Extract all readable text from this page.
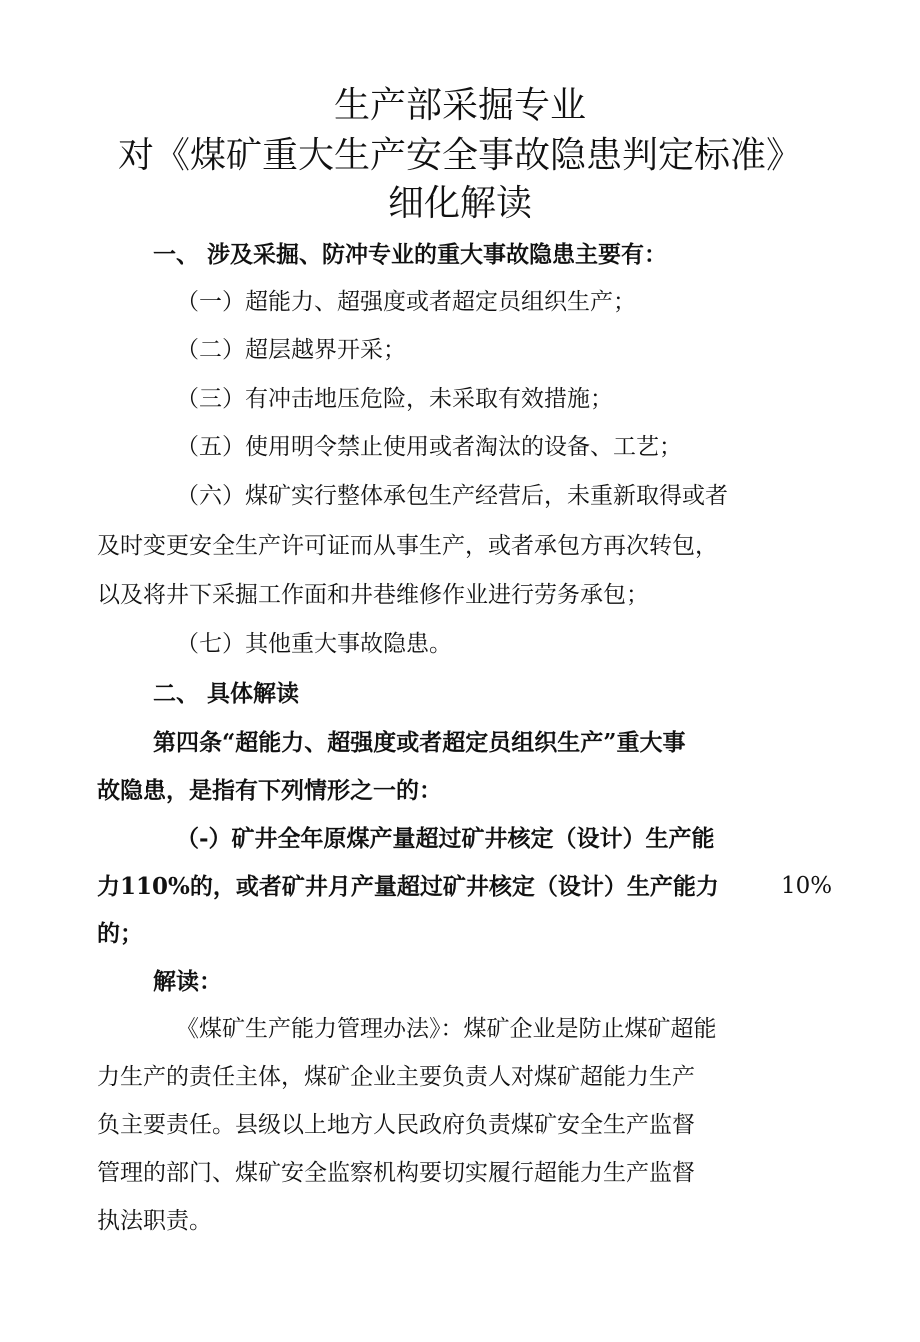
生产部采掘专业
对《煤矿重大生产安全事故隐患判定标准》
细化解读
一、 涉及采掘、防冲专业的重大事故隐患主要有：
（一）超能力、超强度或者超定员组织生产；
（二）超层越界开采；
（三）有冲击地压危险，未采取有效措施；
（五）使用明令禁止使用或者淘汰的设备、工艺；
（六）煤矿实行整体承包生产经营后，未重新取得或者
及时变更安全生产许可证而从事生产，或者承包方再次转包，
以及将井下采掘工作面和井巷维修作业进行劳务承包；
（七）其他重大事故隐患。
二、 具体解读
第四条“超能力、超强度或者超定员组织生产”重大事
故隐患，是指有下列情形之一的：
（-）矿井全年原煤产量超过矿井核定（设计）生产能
力110%的，或者矿井月产量超过矿井核定（设计）生产能力	10%
的；
解读：
《煤矿生产能力管理办法》：煤矿企业是防止煤矿超能
力生产的责任主体，煤矿企业主要负责人对煤矿超能力生产
负主要责任。县级以上地方人民政府负责煤矿安全生产监督
管理的部门、煤矿安全监察机构要切实履行超能力生产监督
执法职责。
